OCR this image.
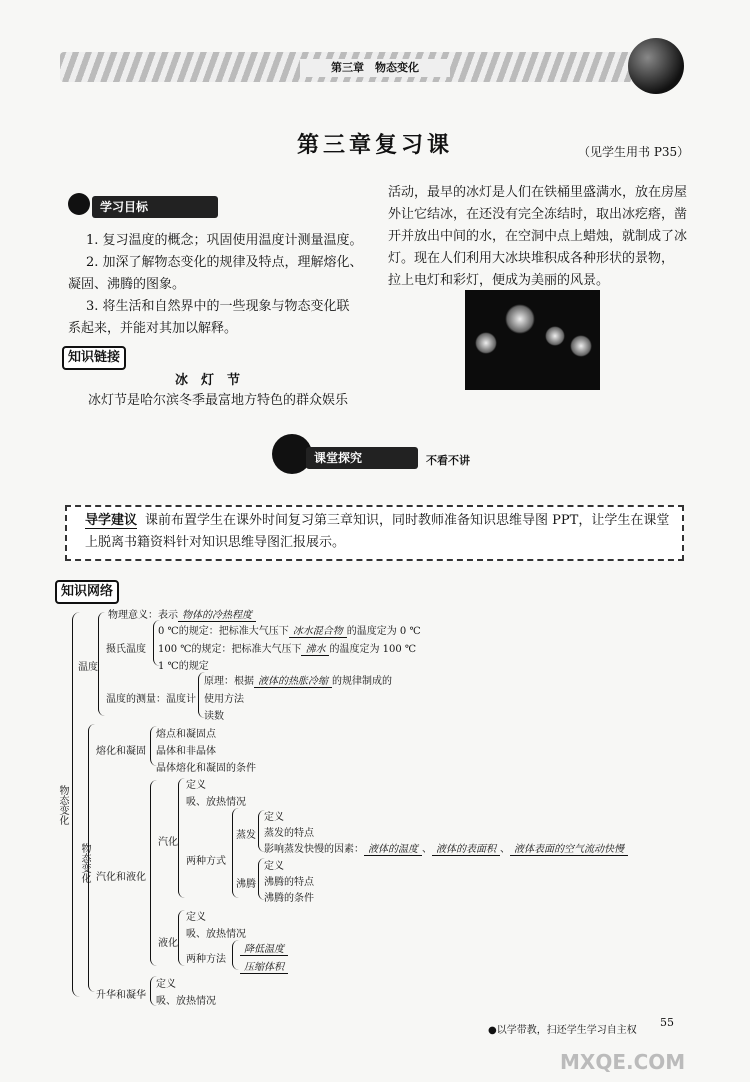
第三章　物态变化
第三章复习课	（见学生用书 P35）
学习目标
1. 复习温度的概念；巩固使用温度计测量温度。
2. 加深了解物态变化的规律及特点，理解熔化、
凝固、沸腾的图象。
3. 将生活和自然界中的一些现象与物态变化联
系起来，并能对其加以解释。
知识链接
冰　灯　节
冰灯节是哈尔滨冬季最富地方特色的群众娱乐
活动，最早的冰灯是人们在铁桶里盛满水，放在房屋
外让它结冰，在还没有完全冻结时，取出冰疙瘩，凿
开并放出中间的水，在空洞中点上蜡烛，就制成了冰
灯。现在人们利用大冰块堆积成各种形状的景物，
拉上电灯和彩灯，便成为美丽的风景。
课堂探究	不看不讲
导学建议 课前布置学生在课外时间复习第三章知识，同时教师准备知识思维导图 PPT，让学生在课堂上脱离书籍资料针对知识思维导图汇报展示。
知识网络
物态变化
温度
物理意义：表示 物体的冷热程度
摄氏温度
0 ℃的规定：把标准大气压下 冰水混合物 的温度定为 0 ℃
100 ℃的规定：把标准大气压下 沸水 的温度定为 100 ℃
1 ℃的规定
温度的测量：温度计
原理：根据 液体的热胀冷缩 的规律制成的
使用方法
读数
熔化和凝固
熔点和凝固点
晶体和非晶体
晶体熔化和凝固的条件
物态变化 汽化和液化
汽化
定义
吸、放热情况
两种方式
蒸发
定义
蒸发的特点
影响蒸发快慢的因素： 液体的温度 、 液体的表面积 、 液体表面的空气流动快慢
沸腾
定义
沸腾的特点
沸腾的条件
液化
定义
吸、放热情况
两种方法
降低温度
压缩体积
升华和凝华
定义
吸、放热情况
●以学带教，扫还学生学习自主权
55
MXQE.COM
